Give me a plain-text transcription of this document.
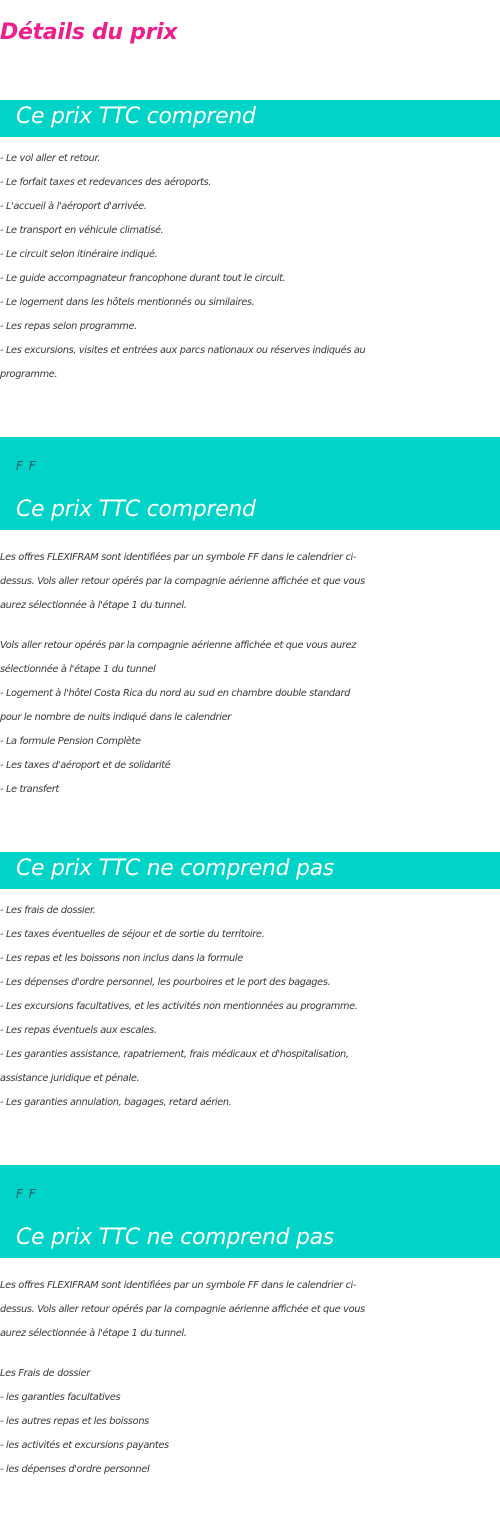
Détails du prix
Ce prix TTC comprend
- Le vol aller et retour.
- Le forfait taxes et redevances des aéroports.
- L'accueil à l'aéroport d'arrivée.
- Le transport en véhicule climatisé.
- Le circuit selon itinéraire indiqué.
- Le guide accompagnateur francophone durant tout le circuit.
- Le logement dans les hôtels mentionnés ou similaires.
- Les repas selon programme.
- Les excursions, visites et entrées aux parcs nationaux ou réserves indiqués au
programme.
F F
Ce prix TTC comprend
Les offres FLEXIFRAM sont identifiées par un symbole FF dans le calendrier ci-
dessus. Vols aller retour opérés par la compagnie aérienne affichée et que vous
aurez sélectionnée à l'étape 1 du tunnel.
Vols aller retour opérés par la compagnie aérienne affichée et que vous aurez
sélectionnée à l'étape 1 du tunnel
- Logement à l'hôtel Costa Rica du nord au sud en chambre double standard
pour le nombre de nuits indiqué dans le calendrier
- La formule Pension Complète
- Les taxes d'aéroport et de solidarité
- Le transfert
Ce prix TTC ne comprend pas
- Les frais de dossier.
- Les taxes éventuelles de séjour et de sortie du territoire.
- Les repas et les boissons non inclus dans la formule
- Les dépenses d'ordre personnel, les pourboires et le port des bagages.
- Les excursions facultatives, et les activités non mentionnées au programme.
- Les repas éventuels aux escales.
- Les garanties assistance, rapatriement, frais médicaux et d'hospitalisation,
assistance juridique et pénale.
- Les garanties annulation, bagages, retard aérien.
F F
Ce prix TTC ne comprend pas
Les offres FLEXIFRAM sont identifiées par un symbole FF dans le calendrier ci-
dessus. Vols aller retour opérés par la compagnie aérienne affichée et que vous
aurez sélectionnée à l'étape 1 du tunnel.
Les Frais de dossier
- les garanties facultatives
- les autres repas et les boissons
- les activités et excursions payantes
- les dépenses d'ordre personnel
